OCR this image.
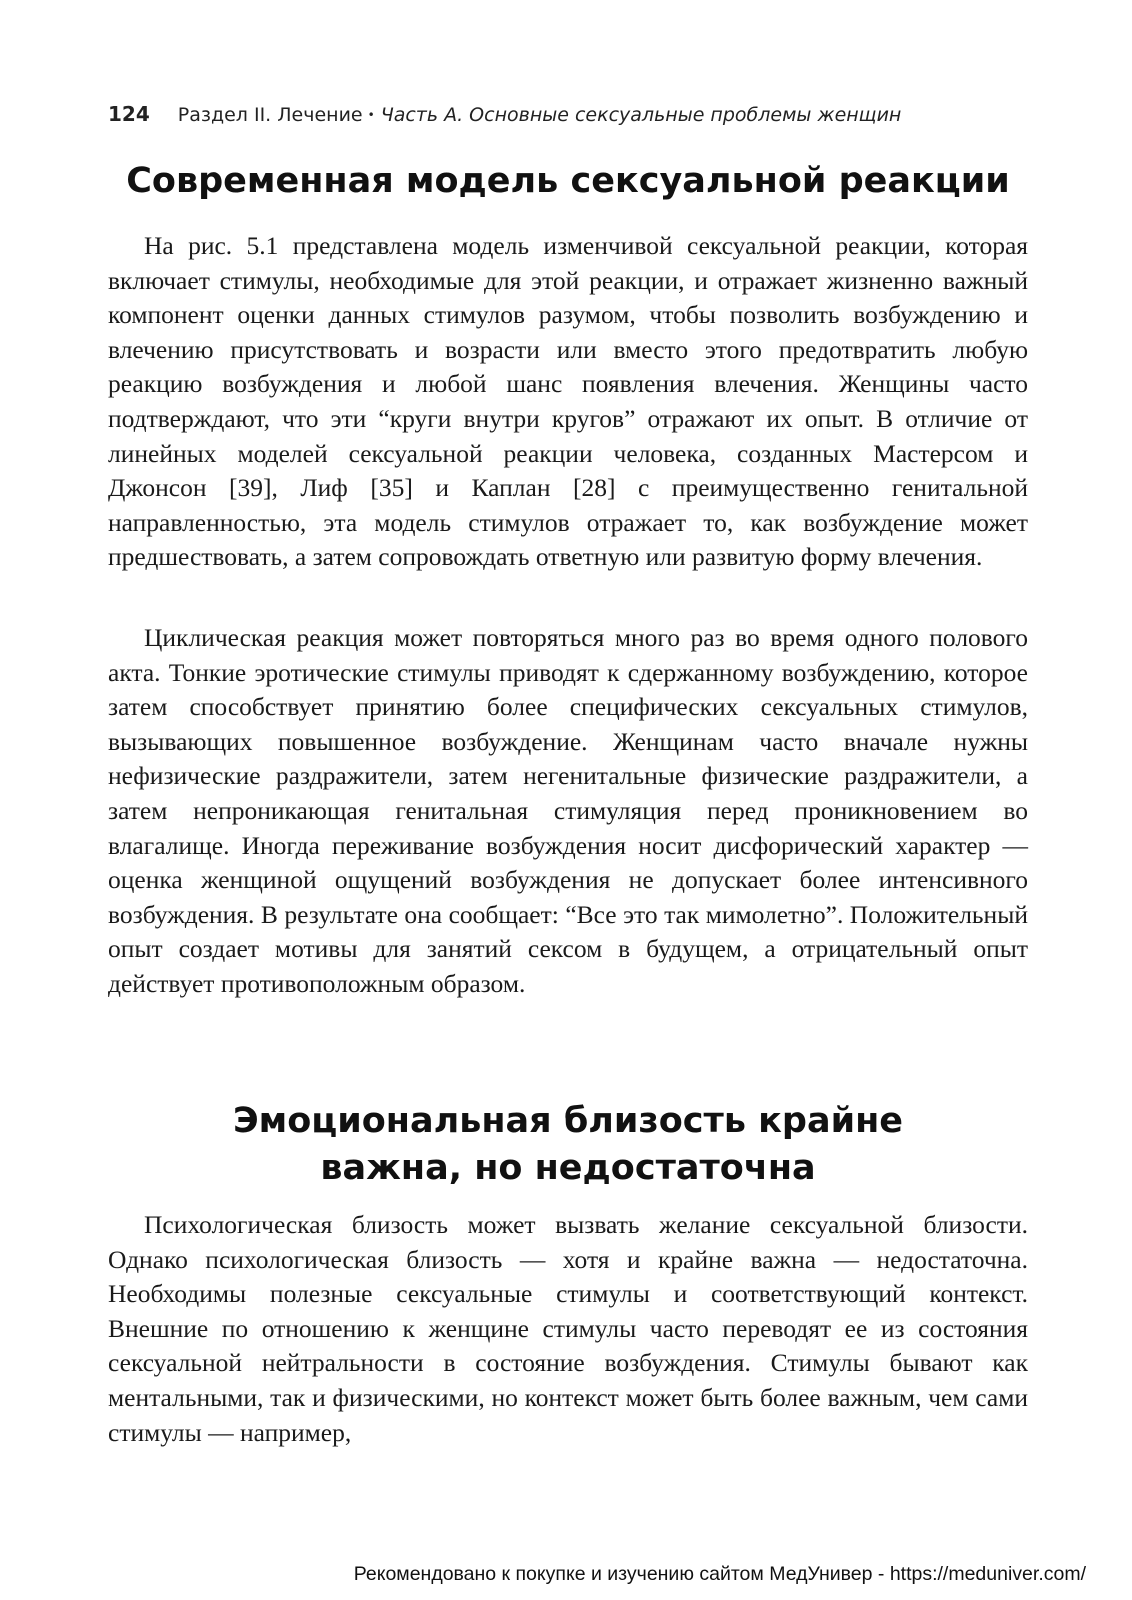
124 Раздел II. Лечение • Часть А. Основные сексуальные проблемы женщин
Современная модель сексуальной реакции

На рис. 5.1 представлена модель изменчивой сексуальной реакции, которая включает стимулы, необходимые для этой реакции, и отражает жизненно важный компонент оценки данных стимулов разумом, чтобы позволить возбуждению и влечению присутствовать и возрасти или вместо этого предотвратить любую реакцию возбуждения и любой шанс появления влечения. Женщины часто подтверждают, что эти “круги внутри кругов” отражают их опыт. В отличие от линейных моделей сексуальной реакции человека, созданных Мастерсом и Джонсон [39], Лиф [35] и Каплан [28] с преимущественно генитальной направленностью, эта модель стимулов отражает то, как возбуждение может предшествовать, а затем сопровождать ответную или развитую форму влечения.

Циклическая реакция может повторяться много раз во время одного полового акта. Тонкие эротические стимулы приводят к сдержанному возбуждению, которое затем способствует принятию более специфических сексуальных стимулов, вызывающих повышенное возбуждение. Женщинам часто вначале нужны нефизические раздражители, затем негенитальные физические раздражители, а затем непроникающая генитальная стимуляция перед проникновением во влагалище. Иногда переживание возбуждения носит дисфорический характер — оценка женщиной ощущений возбуждения не допускает более интенсивного возбуждения. В результате она сообщает: “Все это так мимолетно”. Положительный опыт создает мотивы для занятий сексом в будущем, а отрицательный опыт действует противоположным образом.

Эмоциональная близость крайне
важна, но недостаточна

Психологическая близость может вызвать желание сексуальной близости. Однако психологическая близость — хотя и крайне важна — недостаточна. Необходимы полезные сексуальные стимулы и соответствующий контекст. Внешние по отношению к женщине стимулы часто переводят ее из состояния сексуальной нейтральности в состояние возбуждения. Стимулы бывают как ментальными, так и физическими, но контекст может быть более важным, чем сами стимулы — например,

Рекомендовано к покупке и изучению сайтом МедУнивер - https://meduniver.com/
